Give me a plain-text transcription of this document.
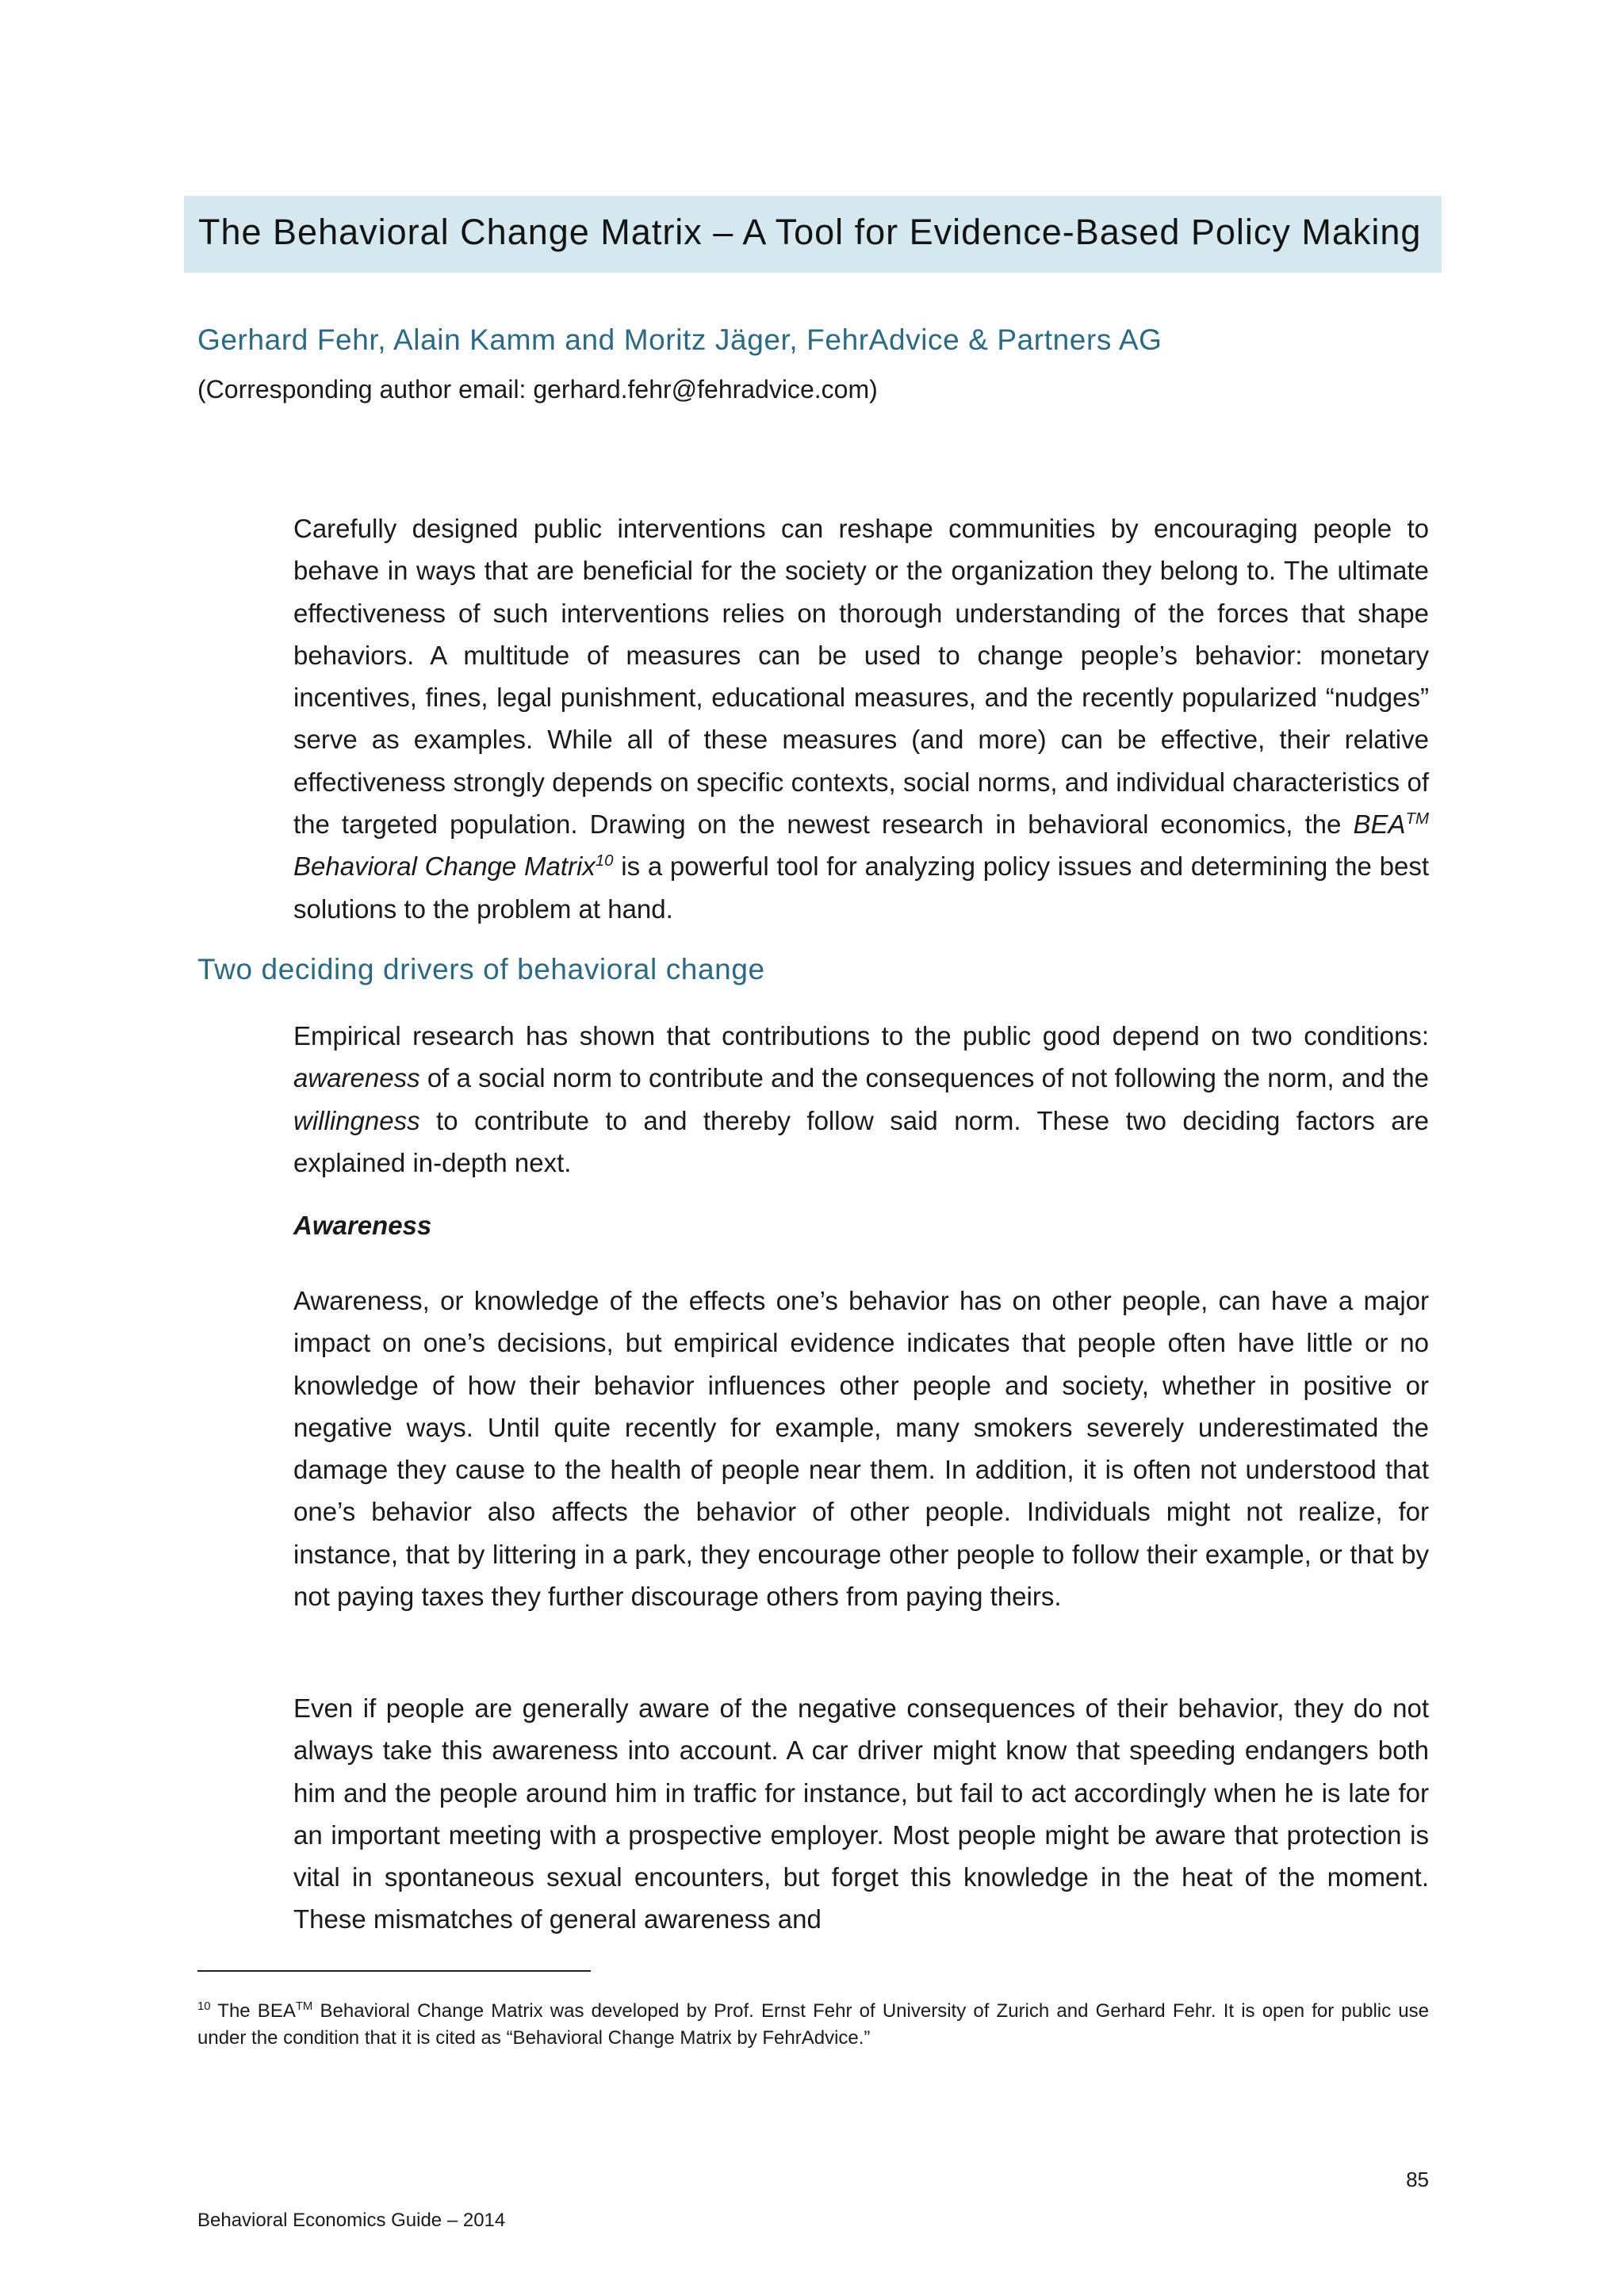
The Behavioral Change Matrix – A Tool for Evidence-Based Policy Making

Gerhard Fehr, Alain Kamm and Moritz Jäger, FehrAdvice & Partners AG

(Corresponding author email: gerhard.fehr@fehradvice.com)

Carefully designed public interventions can reshape communities by encouraging people to behave in ways that are beneficial for the society or the organization they belong to. The ultimate effectiveness of such interventions relies on thorough understanding of the forces that shape behaviors. A multitude of measures can be used to change people’s behavior: monetary incentives, fines, legal punishment, educational measures, and the recently popularized “nudges” serve as examples. While all of these measures (and more) can be effective, their relative effectiveness strongly depends on specific contexts, social norms, and individual characteristics of the targeted population. Drawing on the newest research in behavioral economics, the BEA™ Behavioral Change Matrix$^{10}$ is a powerful tool for analyzing policy issues and determining the best solutions to the problem at hand.

Two deciding drivers of behavioral change

Empirical research has shown that contributions to the public good depend on two conditions: awareness of a social norm to contribute and the consequences of not following the norm, and the willingness to contribute to and thereby follow said norm. These two deciding factors are explained in-depth next.

Awareness

Awareness, or knowledge of the effects one’s behavior has on other people, can have a major impact on one’s decisions, but empirical evidence indicates that people often have little or no knowledge of how their behavior influences other people and society, whether in positive or negative ways. Until quite recently for example, many smokers severely underestimated the damage they cause to the health of people near them. In addition, it is often not understood that one’s behavior also affects the behavior of other people. Individuals might not realize, for instance, that by littering in a park, they encourage other people to follow their example, or that by not paying taxes they further discourage others from paying theirs.

Even if people are generally aware of the negative consequences of their behavior, they do not always take this awareness into account. A car driver might know that speeding endangers both him and the people around him in traffic for instance, but fail to act accordingly when he is late for an important meeting with a prospective employer. Most people might be aware that protection is vital in spontaneous sexual encounters, but forget this knowledge in the heat of the moment. These mismatches of general awareness and

$^{10}$ The BEA™ Behavioral Change Matrix was developed by Prof. Ernst Fehr of University of Zurich and Gerhard Fehr. It is open for public use under the condition that it is cited as “Behavioral Change Matrix by FehrAdvice.”

85

Behavioral Economics Guide – 2014
